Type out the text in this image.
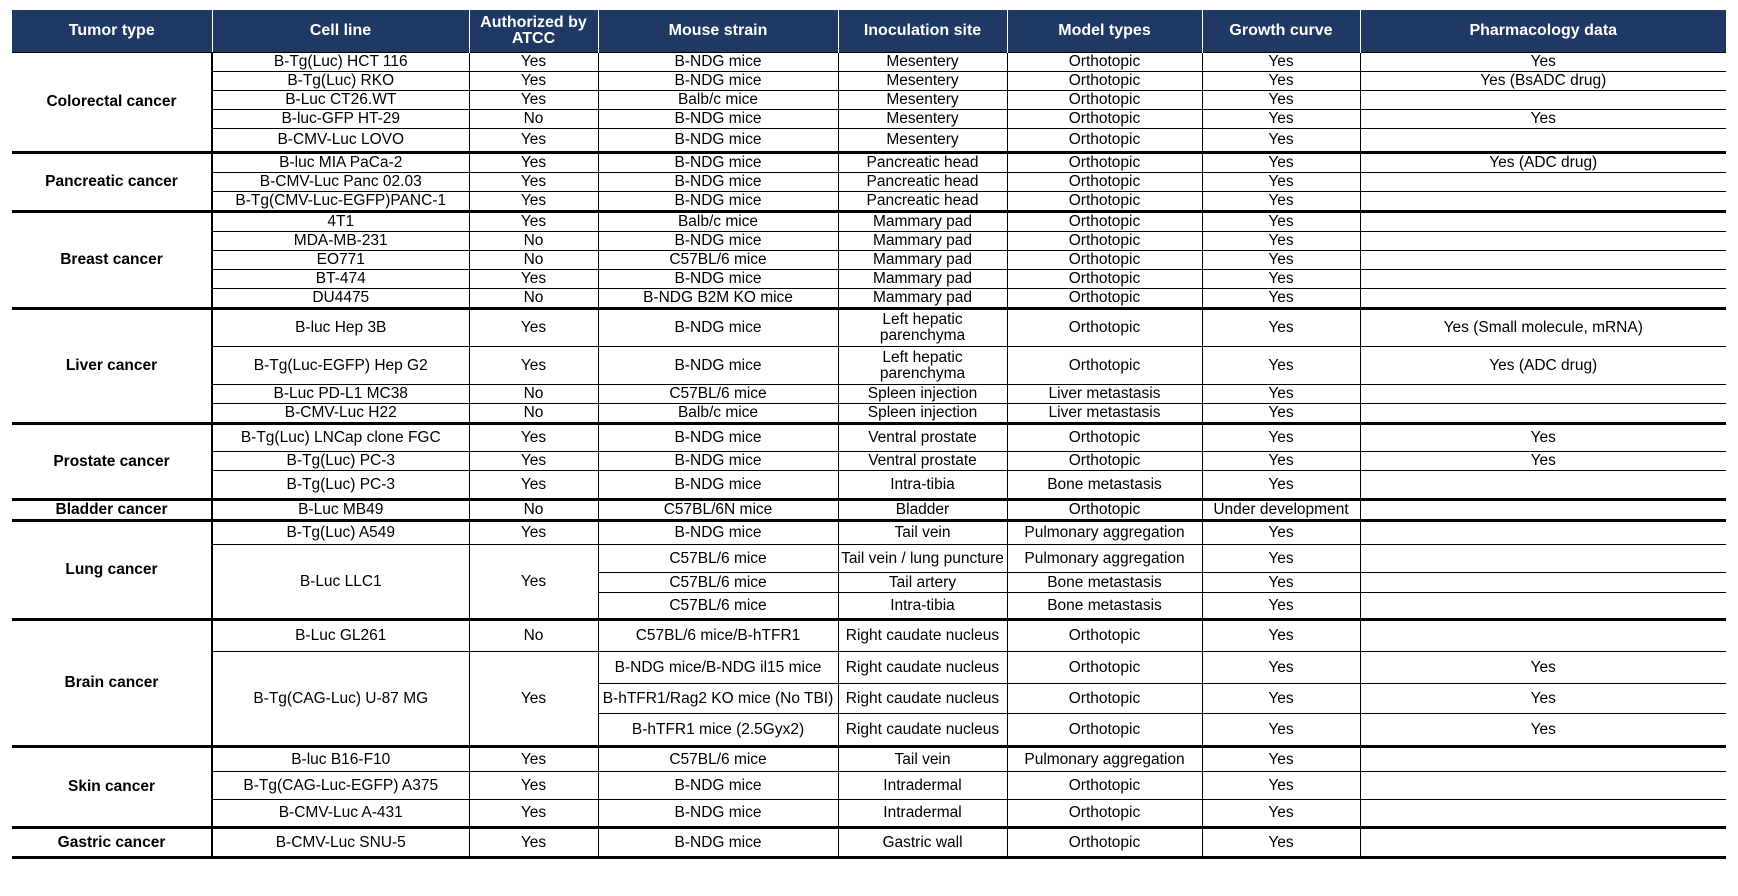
Tumor type	Cell line	Authorized by ATCC	Mouse strain	Inoculation site	Model types	Growth curve	Pharmacology data
Colorectal cancer	B-Tg(Luc) HCT 116	Yes	B-NDG mice	Mesentery	Orthotopic	Yes	Yes
	B-Tg(Luc) RKO	Yes	B-NDG mice	Mesentery	Orthotopic	Yes	Yes (BsADC drug)
	B-Luc CT26.WT	Yes	Balb/c mice	Mesentery	Orthotopic	Yes	
	B-luc-GFP HT-29	No	B-NDG mice	Mesentery	Orthotopic	Yes	Yes
	B-CMV-Luc LOVO	Yes	B-NDG mice	Mesentery	Orthotopic	Yes	
Pancreatic cancer	B-luc MIA PaCa-2	Yes	B-NDG mice	Pancreatic head	Orthotopic	Yes	Yes (ADC drug)
	B-CMV-Luc Panc 02.03	Yes	B-NDG mice	Pancreatic head	Orthotopic	Yes	
	B-Tg(CMV-Luc-EGFP)PANC-1	Yes	B-NDG mice	Pancreatic head	Orthotopic	Yes	
Breast cancer	4T1	Yes	Balb/c mice	Mammary pad	Orthotopic	Yes	
	MDA-MB-231	No	B-NDG mice	Mammary pad	Orthotopic	Yes	
	EO771	No	C57BL/6 mice	Mammary pad	Orthotopic	Yes	
	BT-474	Yes	B-NDG mice	Mammary pad	Orthotopic	Yes	
	DU4475	No	B-NDG B2M KO mice	Mammary pad	Orthotopic	Yes	
Liver cancer	B-luc Hep 3B	Yes	B-NDG mice	Left hepatic parenchyma	Orthotopic	Yes	Yes (Small molecule, mRNA)
	B-Tg(Luc-EGFP) Hep G2	Yes	B-NDG mice	Left hepatic parenchyma	Orthotopic	Yes	Yes (ADC drug)
	B-Luc PD-L1 MC38	No	C57BL/6 mice	Spleen injection	Liver metastasis	Yes	
	B-CMV-Luc H22	No	Balb/c mice	Spleen injection	Liver metastasis	Yes	
Prostate cancer	B-Tg(Luc) LNCap clone FGC	Yes	B-NDG mice	Ventral prostate	Orthotopic	Yes	Yes
	B-Tg(Luc) PC-3	Yes	B-NDG mice	Ventral prostate	Orthotopic	Yes	Yes
	B-Tg(Luc) PC-3	Yes	B-NDG mice	Intra-tibia	Bone metastasis	Yes	
Bladder cancer	B-Luc MB49	No	C57BL/6N mice	Bladder	Orthotopic	Under development	
Lung cancer	B-Tg(Luc) A549	Yes	B-NDG mice	Tail vein	Pulmonary aggregation	Yes	
	B-Luc LLC1	Yes	C57BL/6 mice	Tail vein / lung puncture	Pulmonary aggregation	Yes	
			C57BL/6 mice	Tail artery	Bone metastasis	Yes	
			C57BL/6 mice	Intra-tibia	Bone metastasis	Yes	
Brain cancer	B-Luc GL261	No	C57BL/6 mice/B-hTFR1	Right caudate nucleus	Orthotopic	Yes	
	B-Tg(CAG-Luc) U-87 MG	Yes	B-NDG mice/B-NDG il15 mice	Right caudate nucleus	Orthotopic	Yes	Yes
			B-hTFR1/Rag2 KO mice (No TBI)	Right caudate nucleus	Orthotopic	Yes	Yes
			B-hTFR1 mice (2.5Gyx2)	Right caudate nucleus	Orthotopic	Yes	Yes
Skin cancer	B-luc B16-F10	Yes	C57BL/6 mice	Tail vein	Pulmonary aggregation	Yes	
	B-Tg(CAG-Luc-EGFP) A375	Yes	B-NDG mice	Intradermal	Orthotopic	Yes	
	B-CMV-Luc A-431	Yes	B-NDG mice	Intradermal	Orthotopic	Yes	
Gastric cancer	B-CMV-Luc SNU-5	Yes	B-NDG mice	Gastric wall	Orthotopic	Yes	
